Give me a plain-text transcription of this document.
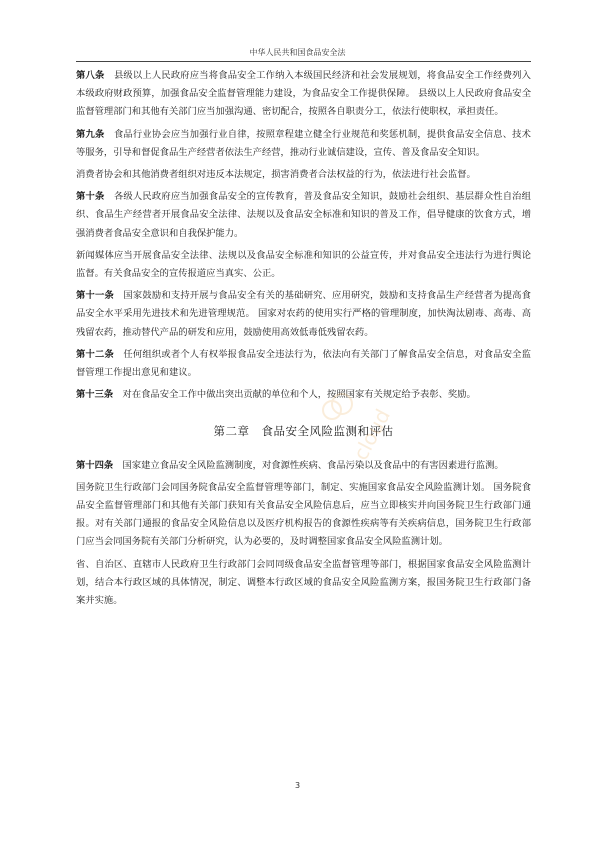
中华人民共和国食品安全法

第八条　 县级以上人民政府应当将食品安全工作纳入本级国民经济和社会发展规划，将食品安全工作经费列入本级政府财政预算，加强食品安全监督管理能力建设，为食品安全工作提供保障。 县级以上人民政府食品安全监督管理部门和其他有关部门应当加强沟通、密切配合，按照各自职责分工，依法行使职权，承担责任。

第九条　 食品行业协会应当加强行业自律，按照章程建立健全行业规范和奖惩机制，提供食品安全信息、技术等服务，引导和督促食品生产经营者依法生产经营，推动行业诚信建设，宣传、普及食品安全知识。

消费者协会和其他消费者组织对违反本法规定，损害消费者合法权益的行为，依法进行社会监督。

第十条　 各级人民政府应当加强食品安全的宣传教育，普及食品安全知识，鼓励社会组织、基层群众性自治组织、食品生产经营者开展食品安全法律、法规以及食品安全标准和知识的普及工作，倡导健康的饮食方式，增强消费者食品安全意识和自我保护能力。

新闻媒体应当开展食品安全法律、法规以及食品安全标准和知识的公益宣传，并对食品安全违法行为进行舆论监督。有关食品安全的宣传报道应当真实、公正。

第十一条　 国家鼓励和支持开展与食品安全有关的基础研究、应用研究，鼓励和支持食品生产经营者为提高食品安全水平采用先进技术和先进管理规范。 国家对农药的使用实行严格的管理制度，加快淘汰剧毒、高毒、高残留农药，推动替代产品的研发和应用，鼓励使用高效低毒低残留农药。

第十二条　 任何组织或者个人有权举报食品安全违法行为，依法向有关部门了解食品安全信息，对食品安全监督管理工作提出意见和建议。

第十三条　 对在食品安全工作中做出突出贡献的单位和个人，按照国家有关规定给予表彰、奖励。

第二章　食品安全风险监测和评估

第十四条　 国家建立食品安全风险监测制度，对食源性疾病、食品污染以及食品中的有害因素进行监测。

国务院卫生行政部门会同国务院食品安全监督管理等部门，制定、实施国家食品安全风险监测计划。 国务院食品安全监督管理部门和其他有关部门获知有关食品安全风险信息后，应当立即核实并向国务院卫生行政部门通报。对有关部门通报的食品安全风险信息以及医疗机构报告的食源性疾病等有关疾病信息，国务院卫生行政部门应当会同国务院有关部门分析研究，认为必要的，及时调整国家食品安全风险监测计划。

省、自治区、直辖市人民政府卫生行政部门会同同级食品安全监督管理等部门，根据国家食品安全风险监测计划，结合本行政区域的具体情况，制定、调整本行政区域的食品安全风险监测方案，报国务院卫生行政部门备案并实施。

cloud
3
